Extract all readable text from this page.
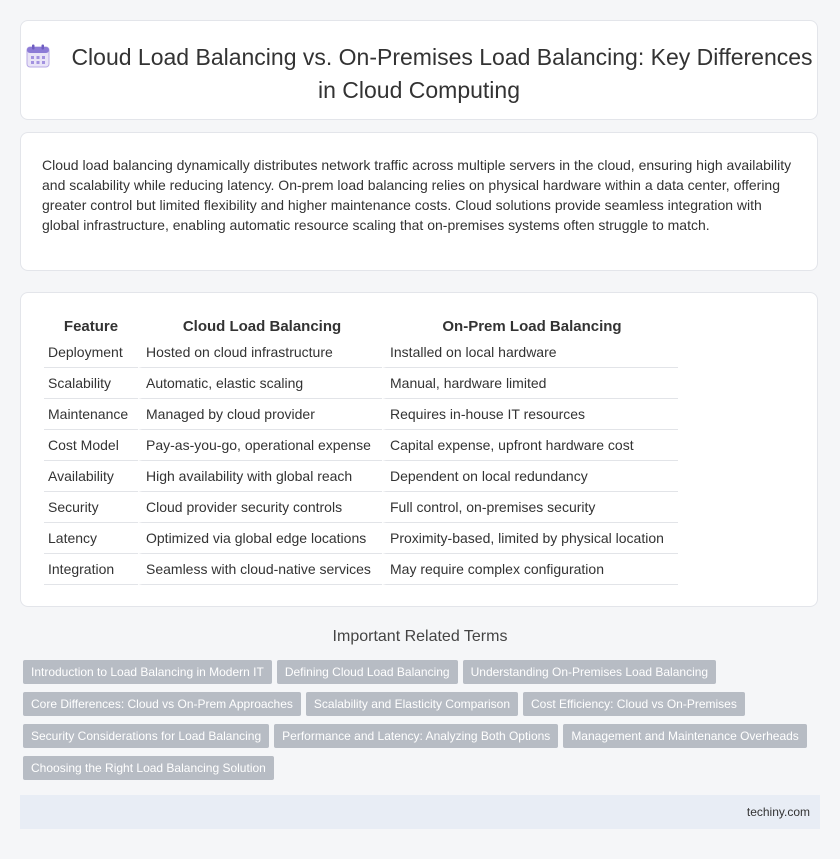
Cloud Load Balancing vs. On-Premises Load Balancing: Key Differences in Cloud Computing

Cloud load balancing dynamically distributes network traffic across multiple servers in the cloud, ensuring high availability and scalability while reducing latency. On-prem load balancing relies on physical hardware within a data center, offering greater control but limited flexibility and higher maintenance costs. Cloud solutions provide seamless integration with global infrastructure, enabling automatic resource scaling that on-premises systems often struggle to match.

Feature	Cloud Load Balancing	On-Prem Load Balancing
Deployment	Hosted on cloud infrastructure	Installed on local hardware
Scalability	Automatic, elastic scaling	Manual, hardware limited
Maintenance	Managed by cloud provider	Requires in-house IT resources
Cost Model	Pay-as-you-go, operational expense	Capital expense, upfront hardware cost
Availability	High availability with global reach	Dependent on local redundancy
Security	Cloud provider security controls	Full control, on-premises security
Latency	Optimized via global edge locations	Proximity-based, limited by physical location
Integration	Seamless with cloud-native services	May require complex configuration
Important Related Terms
Introduction to Load Balancing in Modern IT Defining Cloud Load Balancing Understanding On-Premises Load Balancing
Core Differences: Cloud vs On-Prem Approaches Scalability and Elasticity Comparison Cost Efficiency: Cloud vs On-Premises
Security Considerations for Load Balancing Performance and Latency: Analyzing Both Options Management and Maintenance Overheads
Choosing the Right Load Balancing Solution
techiny.com
